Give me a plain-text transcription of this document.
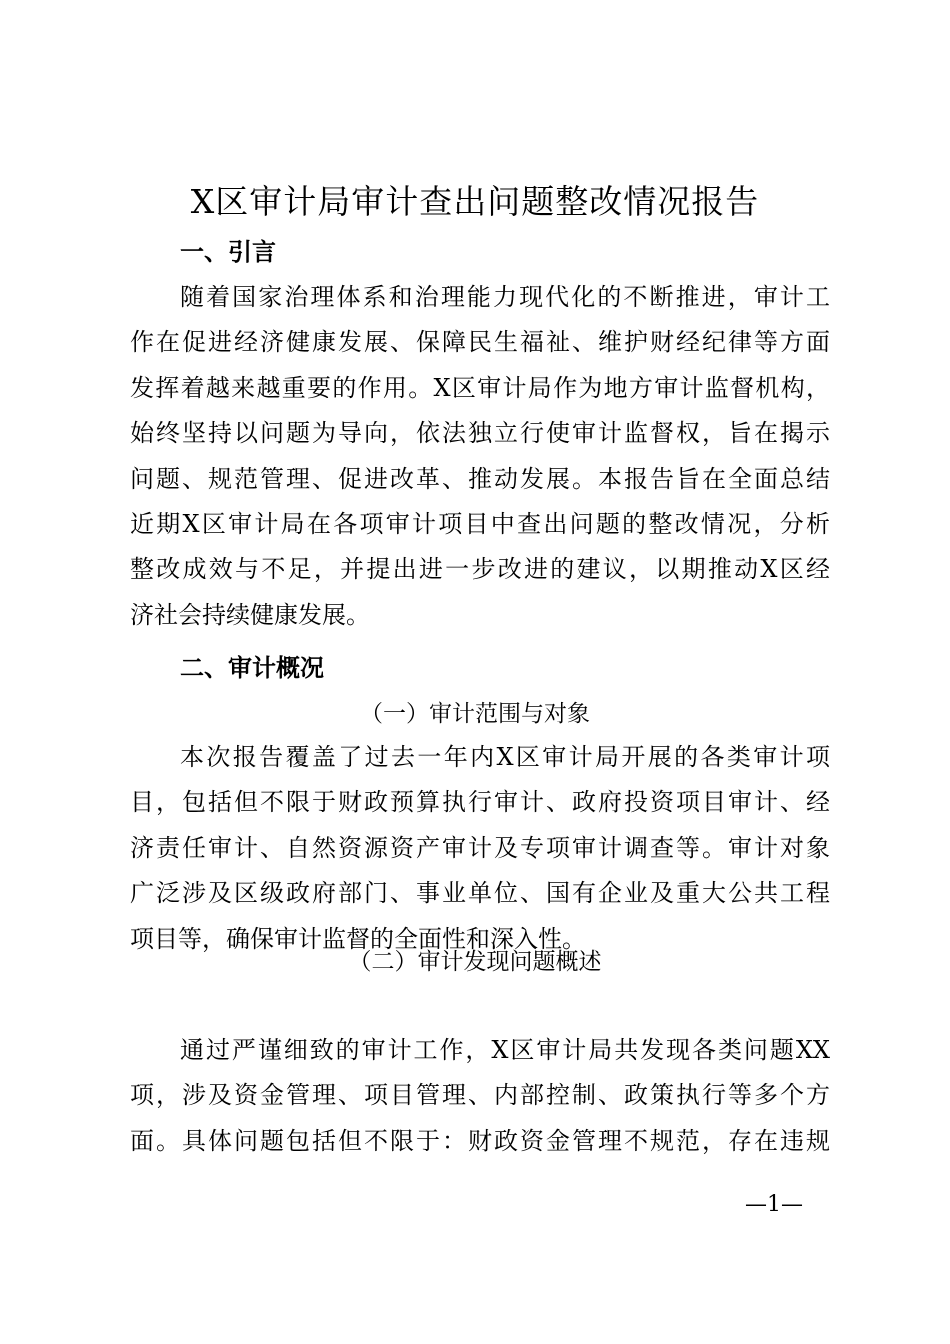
X区审计局审计查出问题整改情况报告
一、引言
随着国家治理体系和治理能力现代化的不断推进，审计工
作在促进经济健康发展、保障民生福祉、维护财经纪律等方面
发挥着越来越重要的作用。X区审计局作为地方审计监督机构，
始终坚持以问题为导向，依法独立行使审计监督权，旨在揭示
问题、规范管理、促进改革、推动发展。本报告旨在全面总结
近期X区审计局在各项审计项目中查出问题的整改情况，分析
整改成效与不足，并提出进一步改进的建议，以期推动X区经
济社会持续健康发展。
二、审计概况
（一）审计范围与对象
本次报告覆盖了过去一年内X区审计局开展的各类审计项
目，包括但不限于财政预算执行审计、政府投资项目审计、经
济责任审计、自然资源资产审计及专项审计调查等。审计对象
广泛涉及区级政府部门、事业单位、国有企业及重大公共工程
项目等，确保审计监督的全面性和深入性。
（二）审计发现问题概述
通过严谨细致的审计工作，X区审计局共发现各类问题XX
项，涉及资金管理、项目管理、内部控制、政策执行等多个方
面。具体问题包括但不限于：财政资金管理不规范，存在违规
—1—
